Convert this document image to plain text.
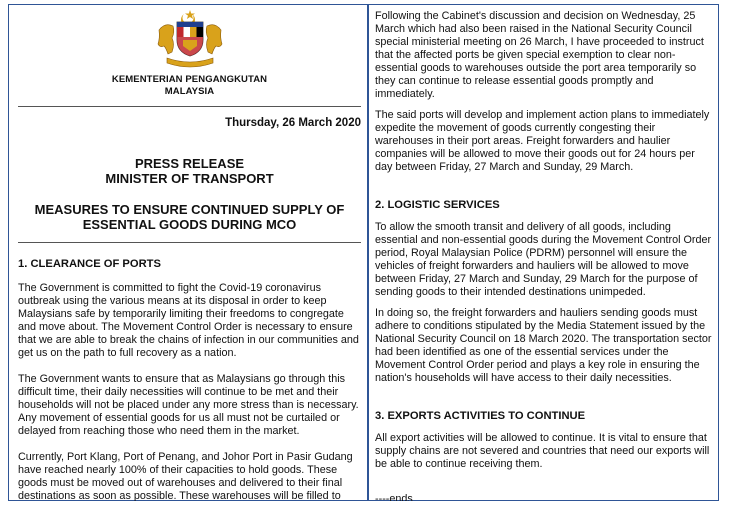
KEMENTERIAN PENGANGKUTAN
MALAYSIA
Thursday, 26 March 2020
PRESS RELEASE
MINISTER OF TRANSPORT
MEASURES TO ENSURE CONTINUED SUPPLY OF
ESSENTIAL GOODS DURING MCO
1. CLEARANCE OF PORTS

The Government is committed to fight the Covid-19 coronavirus outbreak using the various means at its disposal in order to keep Malaysians safe by temporarily limiting their freedoms to congregate and move about. The Movement Control Order is necessary to ensure that we are able to break the chains of infection in our communities and get us on the path to full recovery as a nation.

The Government wants to ensure that as Malaysians go through this difficult time, their daily necessities will continue to be met and their households will not be placed under any more stress than is necessary. Any movement of essential goods for us all must not be curtailed or delayed from reaching those who need them in the market.

Currently, Port Klang, Port of Penang, and Johor Port in Pasir Gudang have reached nearly 100% of their capacities to hold goods. These goods must be moved out of warehouses and delivered to their final destinations as soon as possible. These warehouses will be filled to

Following the Cabinet's discussion and decision on Wednesday, 25 March which had also been raised in the National Security Council special ministerial meeting on 26 March, I have proceeded to instruct that the affected ports be given special exemption to clear non-essential goods to warehouses outside the port area temporarily so they can continue to release essential goods promptly and immediately.

The said ports will develop and implement action plans to immediately expedite the movement of goods currently congesting their warehouses in their port areas. Freight forwarders and haulier companies will be allowed to move their goods out for 24 hours per day between Friday, 27 March and Sunday, 29 March.

2. LOGISTIC SERVICES

To allow the smooth transit and delivery of all goods, including essential and non-essential goods during the Movement Control Order period, Royal Malaysian Police (PDRM) personnel will ensure the vehicles of freight forwarders and hauliers will be allowed to move between Friday, 27 March and Sunday, 29 March for the purpose of sending goods to their intended destinations unimpeded.

In doing so, the freight forwarders and hauliers sending goods must adhere to conditions stipulated by the Media Statement issued by the National Security Council on 18 March 2020. The transportation sector had been identified as one of the essential services under the Movement Control Order period and plays a key role in ensuring the nation's households will have access to their daily necessities.

3. EXPORTS ACTIVITIES TO CONTINUE

All export activities will be allowed to continue. It is vital to ensure that supply chains are not severed and countries that need our exports will be able to continue receiving them.

----ends
